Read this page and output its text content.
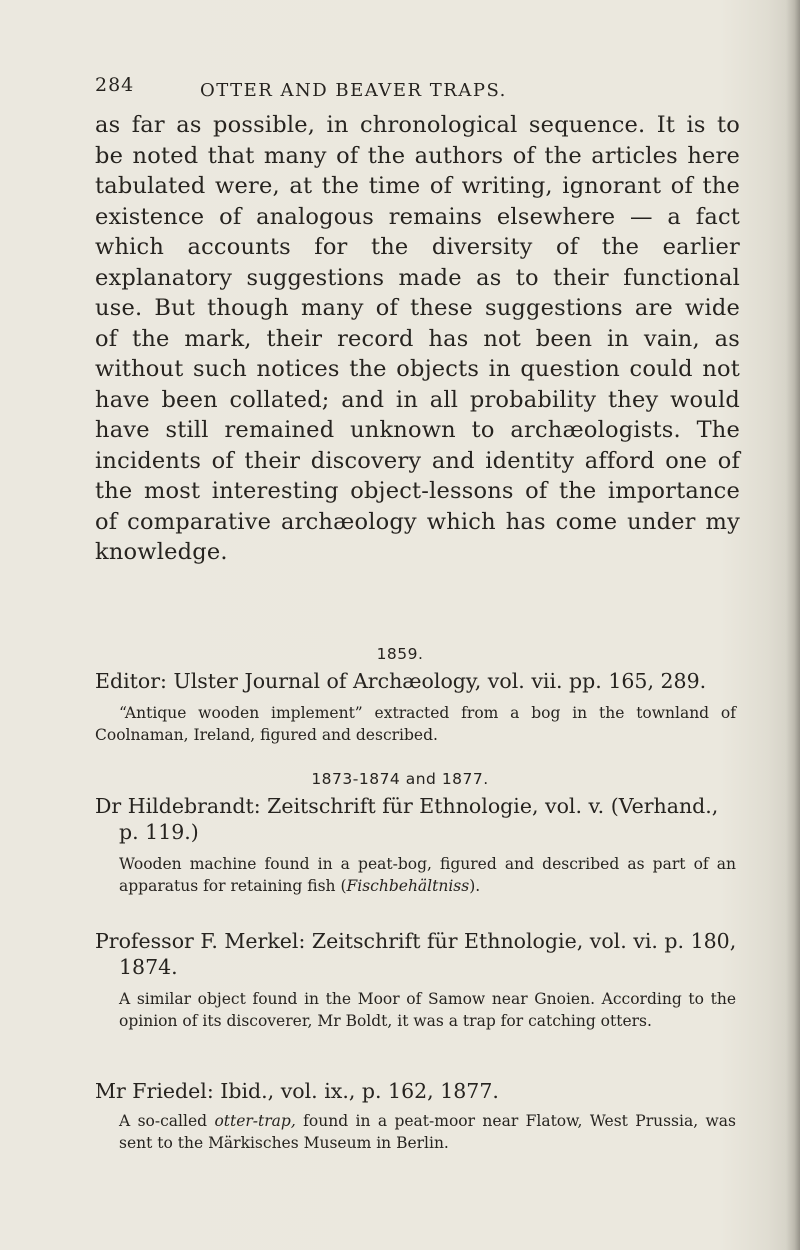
284	OTTER AND BEAVER TRAPS.

as far as possible, in chronological sequence. It is to be noted that many of the authors of the articles here tabulated were, at the time of writing, ignorant of the existence of analogous remains elsewhere — a fact which accounts for the diversity of the earlier explanatory suggestions made as to their functional use. But though many of these suggestions are wide of the mark, their record has not been in vain, as without such notices the objects in question could not have been collated; and in all probability they would have still remained unknown to archæologists. The incidents of their discovery and identity afford one of the most interesting object-lessons of the importance of comparative archæology which has come under my knowledge.

1859.
Editor: Ulster Journal of Archæology, vol. vii. pp. 165, 289.
“Antique wooden implement” extracted from a bog in the townland of Coolnaman, Ireland, figured and described.
1873-1874 and 1877.
Dr Hildebrandt: Zeitschrift für Ethnologie, vol. v. (Verhand., p. 119.)
Wooden machine found in a peat-bog, figured and described as part of an apparatus for retaining fish (Fischbehältniss).
Professor F. Merkel: Zeitschrift für Ethnologie, vol. vi. p. 180, 1874.
A similar object found in the Moor of Samow near Gnoien. According to the opinion of its discoverer, Mr Boldt, it was a trap for catching otters.
Mr Friedel: Ibid., vol. ix., p. 162, 1877.
A so-called otter-trap, found in a peat-moor near Flatow, West Prussia, was sent to the Märkisches Museum in Berlin.
